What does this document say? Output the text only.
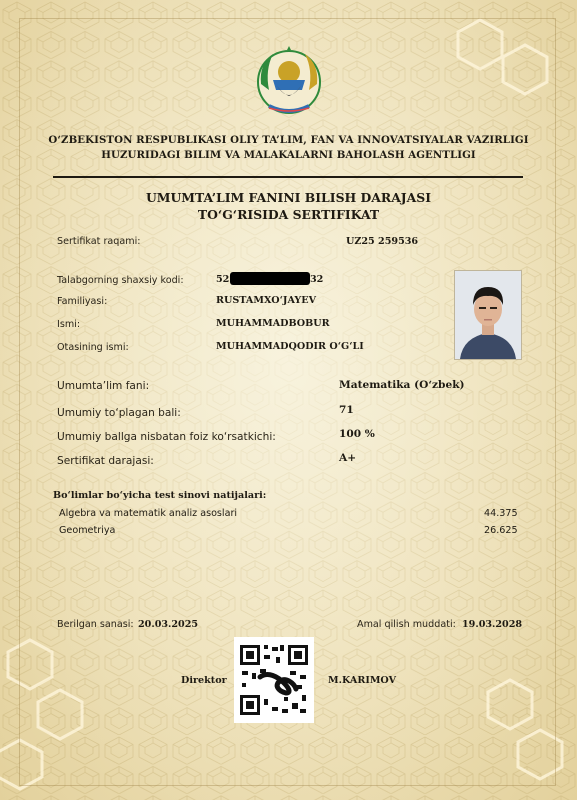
O‘ZBEKISTON RESPUBLIKASI OLIY TA’LIM, FAN VA INNOVATSIYALAR VAZIRLIGI
HUZURIDAGI BILIM VA MALAKALARNI BAHOLASH AGENTLIGI
UMUMTA’LIM FANINI BILISH DARAJASI
TO‘G‘RISIDA SERTIFIKAT
Sertifikat raqami:	UZ25 259536
Talabgorning shaxsiy kodi:	52	32
Familiyasi:	RUSTAMXO‘JAYEV
Ismi:	MUHAMMADBOBUR
Otasining ismi:	MUHAMMADQODIR O‘G‘LI
Umumta’lim fani:	Matematika (O‘zbek)
Umumiy to‘plagan bali:	71
Umumiy ballga nisbatan foiz ko‘rsatkichi:	100 %
Sertifikat darajasi:	A+
Bo‘limlar bo‘yicha test sinovi natijalari:
Algebra va matematik analiz asoslari	44.375
Geometriya	26.625
Berilgan sanasi: 20.03.2025	Amal qilish muddati: 19.03.2028
Direktor	M.KARIMOV
